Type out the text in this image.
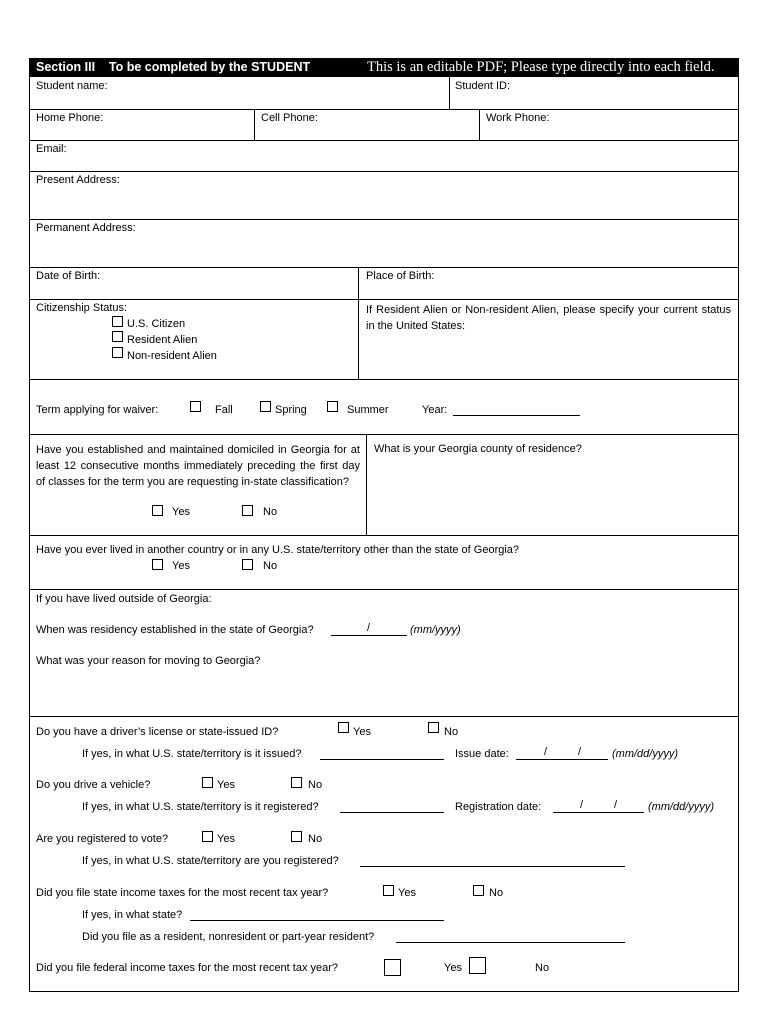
Section III    To be completed by the STUDENT	This is an editable PDF; Please type directly into each field.
Student name:	Student ID:
Home Phone:	Cell Phone:	Work Phone:
Email:
Present Address:
Permanent Address:
Date of Birth:	Place of Birth:
Citizenship Status:
U.S. Citizen
Resident Alien
Non-resident Alien
If Resident Alien or Non-resident Alien, please specify your current status in the United States:
Term applying for waiver:	Fall	Spring	Summer	Year:
Have you established and maintained domiciled in Georgia for at least 12 consecutive months immediately preceding the first day of classes for the term you are requesting in-state classification?
Yes	No
What is your Georgia county of residence?
Have you ever lived in another country or in any U.S. state/territory other than the state of Georgia?
Yes	No
If you have lived outside of Georgia:
When was residency established in the state of Georgia?	/	(mm/yyyy)
What was your reason for moving to Georgia?
Do you have a driver’s license or state-issued ID?	Yes	No
If yes, in what U.S. state/territory is it issued?	Issue date:	/	/	(mm/dd/yyyy)
Do you drive a vehicle?	Yes	No
If yes, in what U.S. state/territory is it registered?	Registration date:	/	/	(mm/dd/yyyy)
Are you registered to vote?	Yes	No
If yes, in what U.S. state/territory are you registered?
Did you file state income taxes for the most recent tax year?	Yes	No
If yes, in what state?
Did you file as a resident, nonresident or part-year resident?
Did you file federal income taxes for the most recent tax year?	Yes	No
